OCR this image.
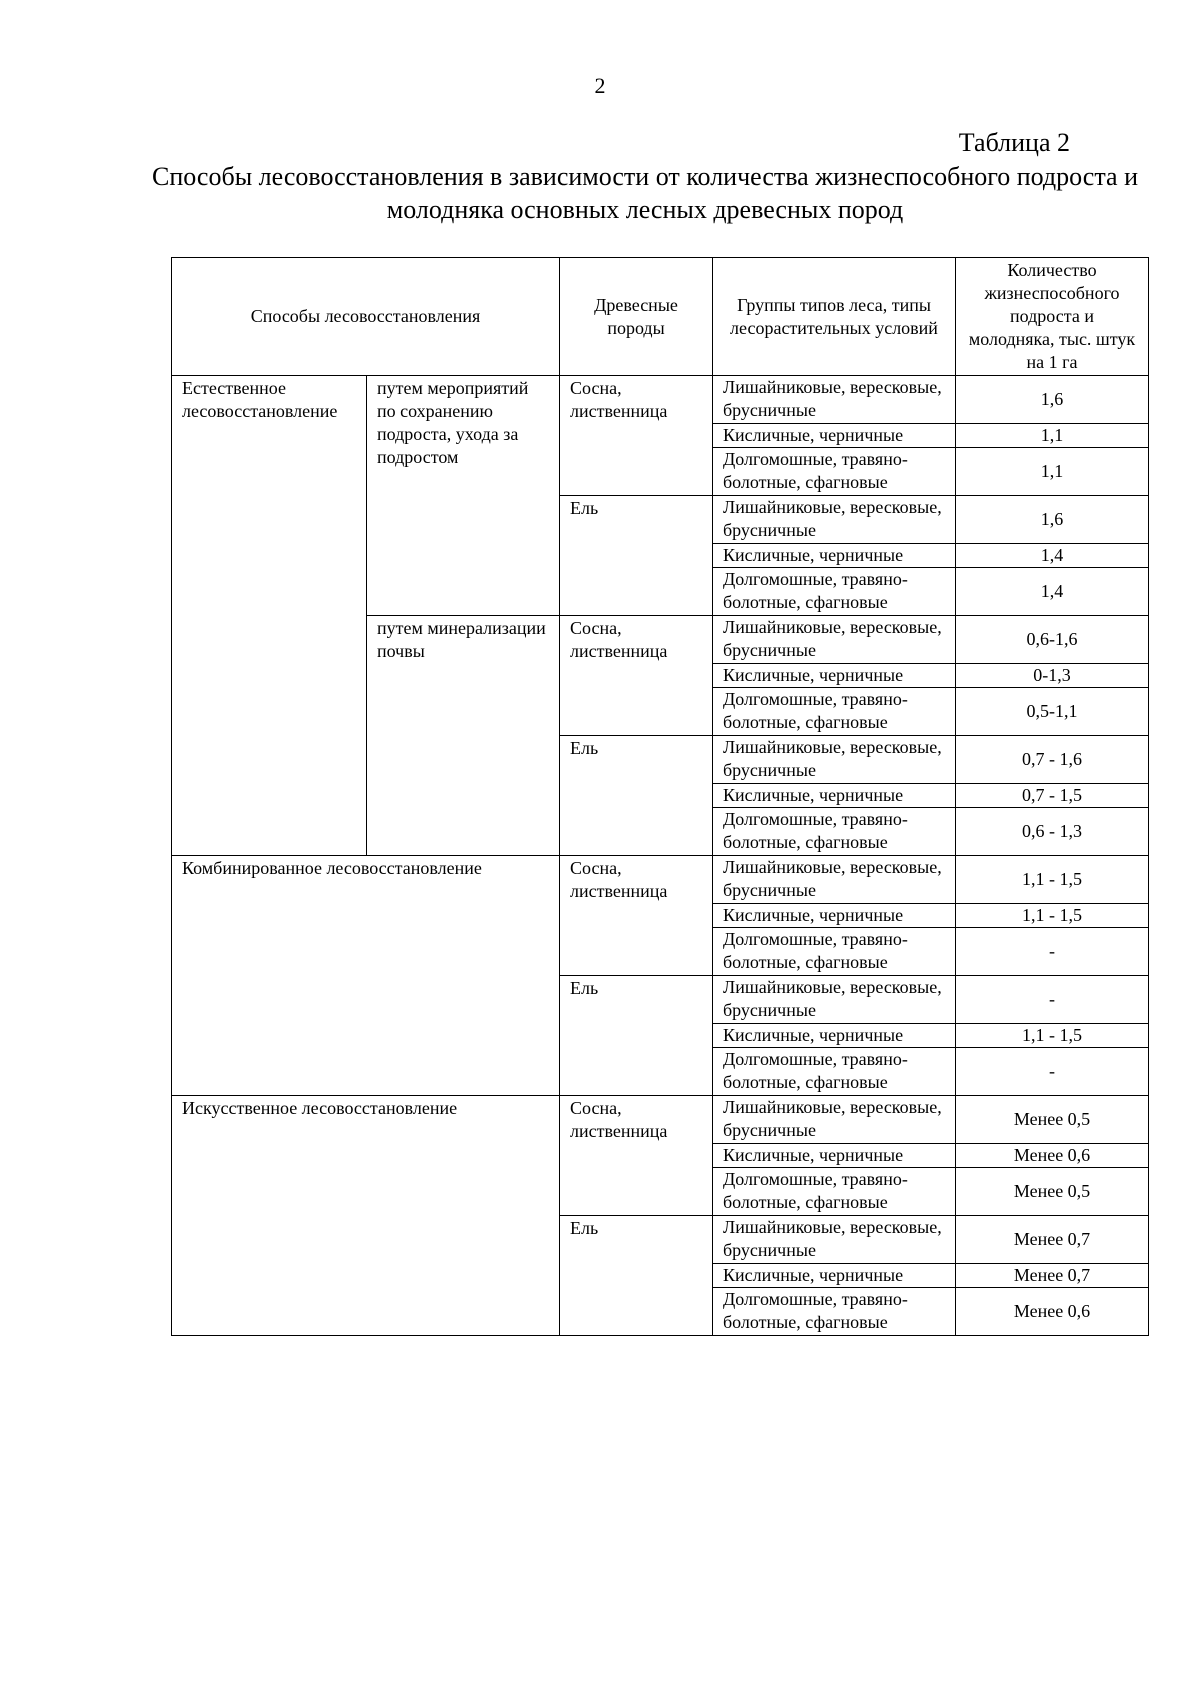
2
Таблица 2
Способы лесовосстановления в зависимости от количества жизнеспособного подроста и молодняка основных лесных древесных пород
Способы лесовосстановления		Древесные породы	Группы типов леса, типы лесорастительных условий	Количество жизнеспособного подроста и молодняка, тыс. штук на 1 га
Естественное лесовосстановление	путем мероприятий по сохранению подроста, ухода за подростом	Сосна, лиственница	Лишайниковые, вересковые, брусничные	1,6
			Кисличные, черничные	1,1
			Долгомошные, травяно-болотные, сфагновые	1,1
		Ель	Лишайниковые, вересковые, брусничные	1,6
			Кисличные, черничные	1,4
			Долгомошные, травяно-болотные, сфагновые	1,4
	путем минерализации почвы	Сосна, лиственница	Лишайниковые, вересковые, брусничные	0,6-1,6
			Кисличные, черничные	0-1,3
			Долгомошные, травяно-болотные, сфагновые	0,5-1,1
		Ель	Лишайниковые, вересковые, брусничные	0,7 - 1,6
			Кисличные, черничные	0,7 - 1,5
			Долгомошные, травяно-болотные, сфагновые	0,6 - 1,3
Комбинированное лесовосстановление		Сосна, лиственница	Лишайниковые, вересковые, брусничные	1,1 - 1,5
			Кисличные, черничные	1,1 - 1,5
			Долгомошные, травяно-болотные, сфагновые	-
		Ель	Лишайниковые, вересковые, брусничные	-
			Кисличные, черничные	1,1 - 1,5
			Долгомошные, травяно-болотные, сфагновые	-
Искусственное лесовосстановление		Сосна, лиственница	Лишайниковые, вересковые, брусничные	Менее 0,5
			Кисличные, черничные	Менее 0,6
			Долгомошные, травяно-болотные, сфагновые	Менее 0,5
		Ель	Лишайниковые, вересковые, брусничные	Менее 0,7
			Кисличные, черничные	Менее 0,7
			Долгомошные, травяно-болотные, сфагновые	Менее 0,6
